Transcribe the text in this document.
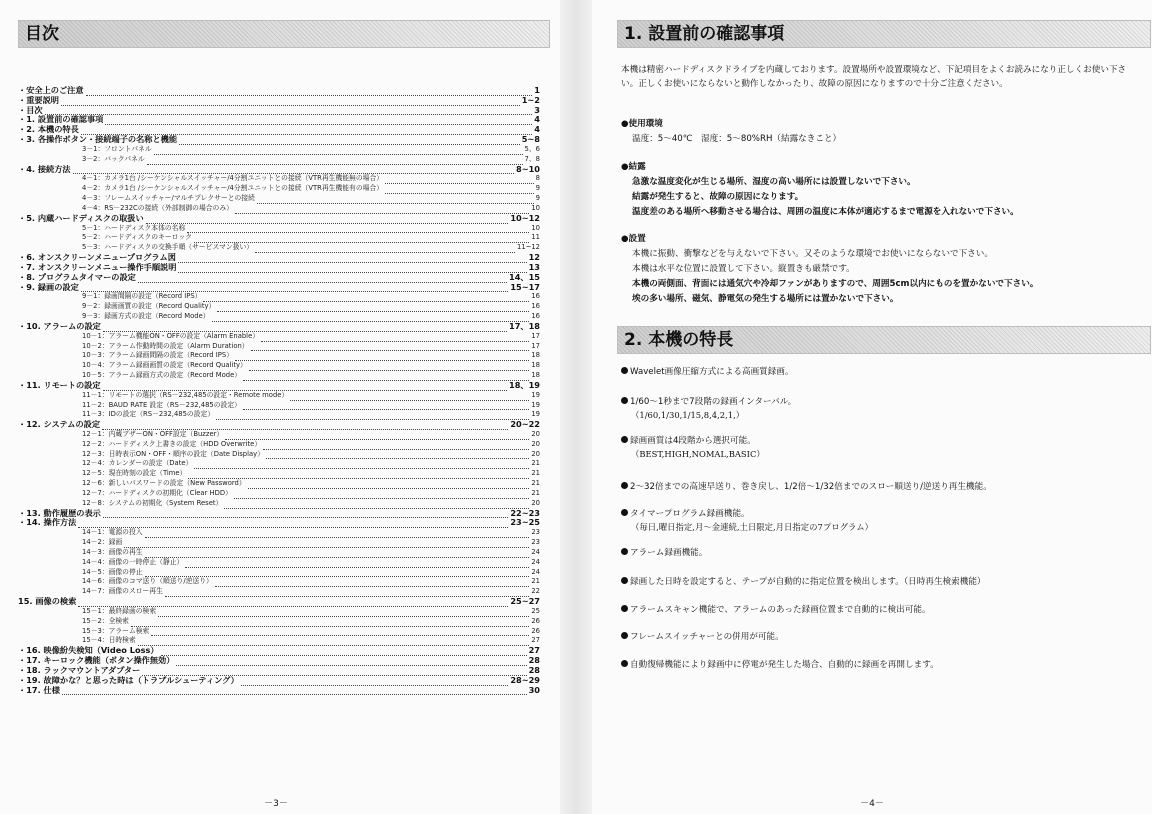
目次
・安全上のご注意	1
・重要説明	1~2
・目次	3
・1. 設置前の確認事項	4
・2. 本機の特長	4
・3. 各操作ボタン・接続端子の名称と機能	5~8
3－1：フロントパネル	5、6
3－2：バックパネル	7、8
・4. 接続方法	8~10
4－1：カメラ1台 /シーケンシャルスイッチャー/4分割ユニットとの接続（VTR再生機能無の場合）	8
4－2：カメラ1台 /シーケンシャルスイッチャー/4分割ユニットとの接続（VTR再生機能有の場合）	9
4－3：フレームスイッチャー/マルチプレクサーとの接続	9
4－4：RS－232Cの接続（外部制御の場合のみ）	10
・5. 内蔵ハードディスクの取扱い	10~12
5－1：ハードディスク本体の名称	10
5－2：ハードディスクのキーロック	11
5－3：ハードディスクの交換手順（サービスマン扱い）	11~12
・6. オンスクリーンメニュープログラム図	12
・7. オンスクリーンメニュー操作手順説明	13
・8. プログラムタイマーの設定	14、15
・9. 録画の設定	15~17
9－1：録画間隔の設定（Record IPS）	16
9－2：録画画質の設定（Record Quality）	16
9－3：録画方式の設定（Record Mode）	16
・10. アラームの設定	17、18
10－1：アラーム機能ON・OFFの設定（Alarm Enable）	17
10－2：アラーム作動時間の設定（Alarm Duration）	17
10－3：アラーム録画間隔の設定（Record IPS）	18
10－4：アラーム録画画質の設定（Record Quality）	18
10－5：アラーム録画方式の設定（Record Mode）	18
・11. リモートの設定	18、19
11－1：リモートの選択（RS－232,485の設定・Remote mode）	19
11－2：BAUD RATE 設定（RS－232,485の設定）	19
11－3：IDの設定（RS－232,485の設定）	19
・12. システムの設定	20~22
12－1：内蔵ブザーON・OFF設定（Buzzer）	20
12－2：ハードディスク上書きの設定（HDD Overwrite）	20
12－3：日時表示ON・OFF・順序の設定（Date Display）	20
12－4：カレンダーの設定（Date）	21
12－5：現在時刻の設定（Time）	21
12－6：新しいパスワードの設定（New Password）	21
12－7：ハードディスクの初期化（Clear HDD）	21
12－8：システムの初期化（System Reset）	20
・13. 動作履歴の表示	22~23
・14. 操作方法	23~25
14－1：電源の投入	23
14－2：録画	23
14－3：画像の再生	24
14－4：画像の一時停止（静止）	24
14－5：画像の停止	24
14－6：画像のコマ送り（順送り/逆送り）	21
14－7：画像のスロー再生	22
15. 画像の検索	25~27
15－1：最終録画の検索	25
15－2：全検索	26
15－3：アラーム検索	26
15－4：日時検索	27
・16. 映像紛失検知（Video Loss）	27
・17. キーロック機能（ボタン操作無効）	28
・18. ラックマウントアダプター	28
・19. 故障かな？と思った時は（トラブルシューティング）	28~29
・17. 仕様	30
－3－
1. 設置前の確認事項
本機は精密ハードディスクドライブを内蔵しております。設置場所や設置環境など、下記項目をよくお読みになり正しくお使い下さい。正しくお使いにならないと動作しなかったり、故障の原因になりますので十分ご注意ください。
●使用環境
温度：5～40℃　湿度：5～80%RH（結露なきこと）
●結露
急激な温度変化が生じる場所、湿度の高い場所には設置しないで下さい。
結露が発生すると、故障の原因になります。
温度差のある場所へ移動させる場合は、周囲の温度に本体が適応するまで電源を入れないで下さい。
●設置
本機に振動、衝撃などを与えないで下さい。又そのような環境でお使いにならないで下さい。
本機は水平な位置に設置して下さい。縦置きも厳禁です。
本機の両側面、背面には通気穴や冷却ファンがありますので、周囲5cm以内にものを置かないで下さい。
埃の多い場所、磁気、静電気の発生する場所には置かないで下さい。
2. 本機の特長
Wavelet画像圧縮方式による高画質録画。
1/60～1秒まで7段階の録画インターバル。
（1/60,1/30,1/15,8,4,2,1,）
録画画質は4段階から選択可能。
（BEST,HIGH,NOMAL,BASIC）
2～32倍までの高速早送り、巻き戻し、1/2倍～1/32倍までのスロー順送り/逆送り再生機能。
タイマープログラム録画機能。
（毎日,曜日指定,月～金連続,土日限定,月日指定の7プログラム）
アラーム録画機能。
録画した日時を設定すると、テープが自動的に指定位置を検出します。（日時再生検索機能）
アラームスキャン機能で、アラームのあった録画位置まで自動的に検出可能。
フレームスイッチャーとの併用が可能。
自動復帰機能により録画中に停電が発生した場合、自動的に録画を再開します。
－4－
